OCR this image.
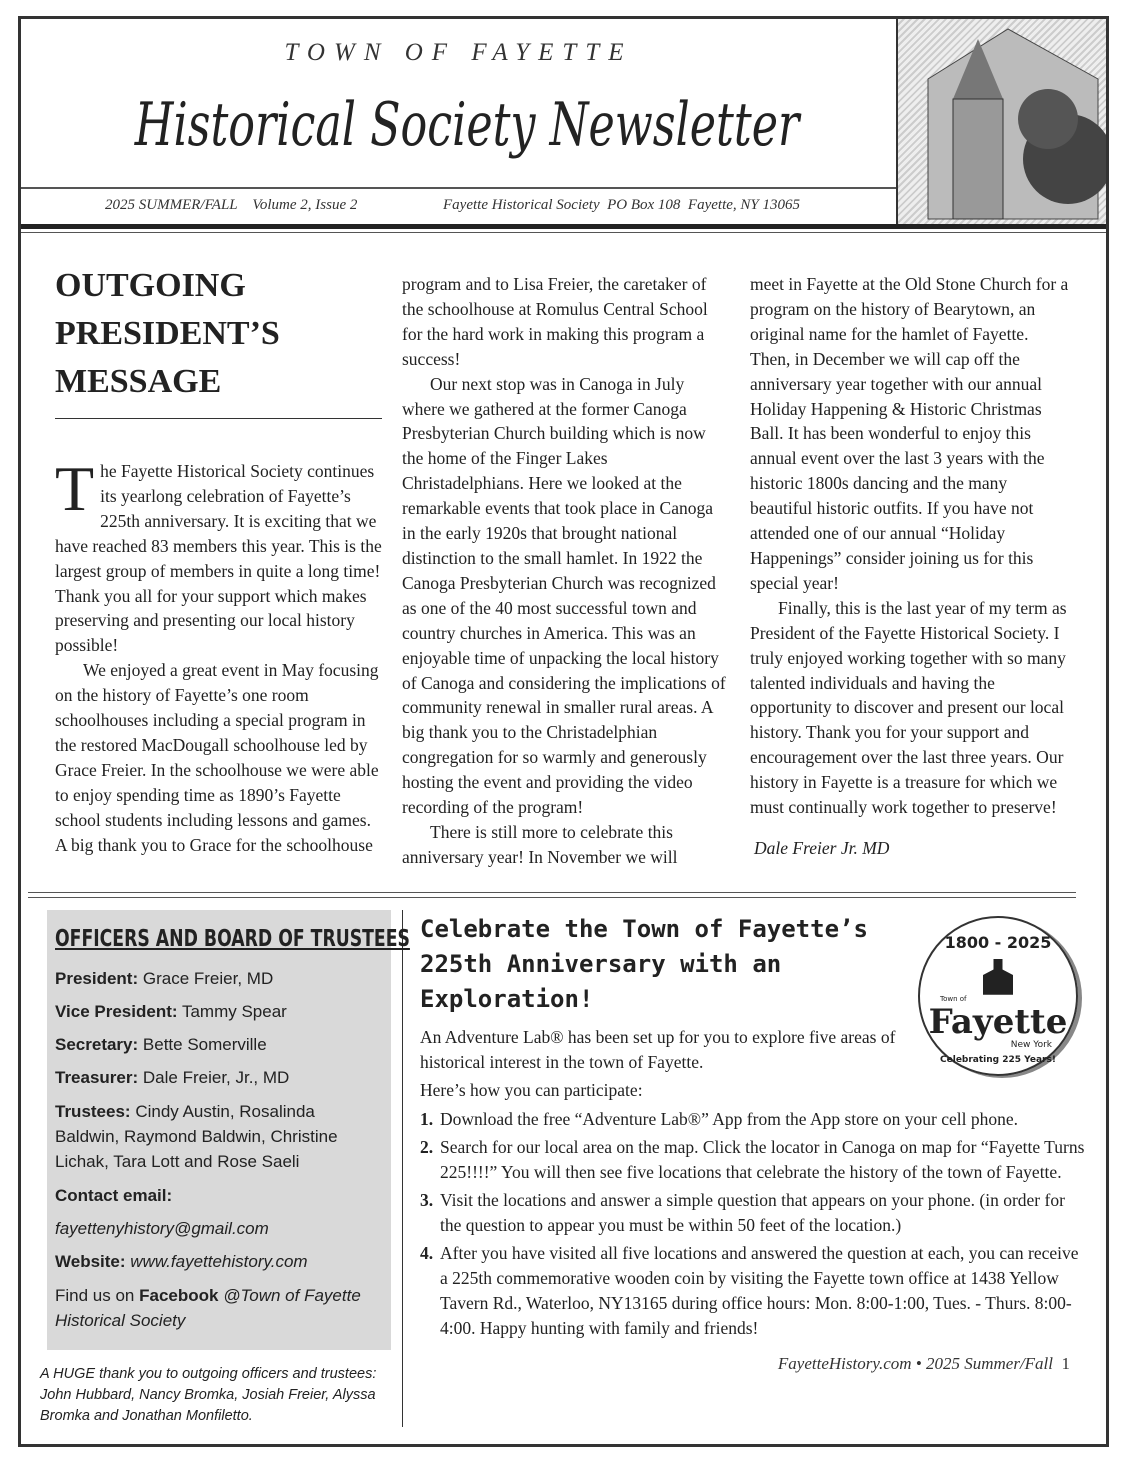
TOWN OF FAYETTE
Historical Society Newsletter
2025 SUMMER/FALL    Volume 2, Issue 2	Fayette Historical Society  PO Box 108  Fayette, NY 13065
OUTGOING PRESIDENT’S MESSAGE

The Fayette Historical Society continues its yearlong celebration of Fayette’s 225th anniversary. It is exciting that we have reached 83 members this year. This is the largest group of members in quite a long time! Thank you all for your support which makes preserving and presenting our local history possible!

We enjoyed a great event in May focusing on the history of Fayette’s one room schoolhouses including a special program in the restored MacDougall schoolhouse led by Grace Freier. In the schoolhouse we were able to enjoy spending time as 1890’s Fayette school students including lessons and games. A big thank you to Grace for the schoolhouse

program and to Lisa Freier, the caretaker of the schoolhouse at Romulus Central School for the hard work in making this program a success!

Our next stop was in Canoga in July where we gathered at the former Canoga Presbyterian Church building which is now the home of the Finger Lakes Christadelphians. Here we looked at the remarkable events that took place in Canoga in the early 1920s that brought national distinction to the small hamlet. In 1922 the Canoga Presbyterian Church was recognized as one of the 40 most successful town and country churches in America. This was an enjoyable time of unpacking the local history of Canoga and considering the implications of community renewal in smaller rural areas. A big thank you to the Christadelphian congregation for so warmly and generously hosting the event and providing the video recording of the program!

There is still more to celebrate this anniversary year! In November we will

meet in Fayette at the Old Stone Church for a program on the history of Bearytown, an original name for the hamlet of Fayette. Then, in December we will cap off the anniversary year together with our annual Holiday Happening & Historic Christmas Ball. It has been wonderful to enjoy this annual event over the last 3 years with the historic 1800s dancing and the many beautiful historic outfits. If you have not attended one of our annual “Holiday Happenings” consider joining us for this special year!

Finally, this is the last year of my term as President of the Fayette Historical Society. I truly enjoyed working together with so many talented individuals and having the opportunity to discover and present our local history. Thank you for your support and encouragement over the last three years. Our history in Fayette is a treasure for which we must continually work together to preserve!

Dale Freier Jr. MD
OFFICERS AND BOARD OF TRUSTEES
President: Grace Freier, MD
Vice President: Tammy Spear
Secretary: Bette Somerville
Treasurer: Dale Freier, Jr., MD
Trustees: Cindy Austin, Rosalinda Baldwin, Raymond Baldwin, Christine Lichak, Tara Lott and Rose Saeli
Contact email: fayettenyhistory@gmail.com
Website: www.fayettehistory.com
Find us on Facebook @Town of Fayette Historical Society
A HUGE thank you to outgoing officers and trustees: John Hubbard, Nancy Bromka, Josiah Freier, Alyssa Bromka and Jonathan Monfiletto.
1800 - 2025
Town of
Fayette
New York
Celebrating 225 Years!
Celebrate the Town of Fayette’s 225th Anniversary with an Exploration!

An Adventure Lab® has been set up for you to explore five areas of historical interest in the town of Fayette.

Here’s how you can participate:

1. Download the free “Adventure Lab®” App from the App store on your cell phone.
2. Search for our local area on the map. Click the locator in Canoga on map for “Fayette Turns 225!!!!” You will then see five locations that celebrate the history of the town of Fayette.
3. Visit the locations and answer a simple question that appears on your phone. (in order for the question to appear you must be within 50 feet of the location.)
4. After you have visited all five locations and answered the question at each, you can receive a 225th commemorative wooden coin by visiting the Fayette town office at 1438 Yellow Tavern Rd., Waterloo, NY13165 during office hours: Mon. 8:00-1:00, Tues. - Thurs. 8:00-4:00. Happy hunting with family and friends!
FayetteHistory.com • 2025 Summer/Fall 1
